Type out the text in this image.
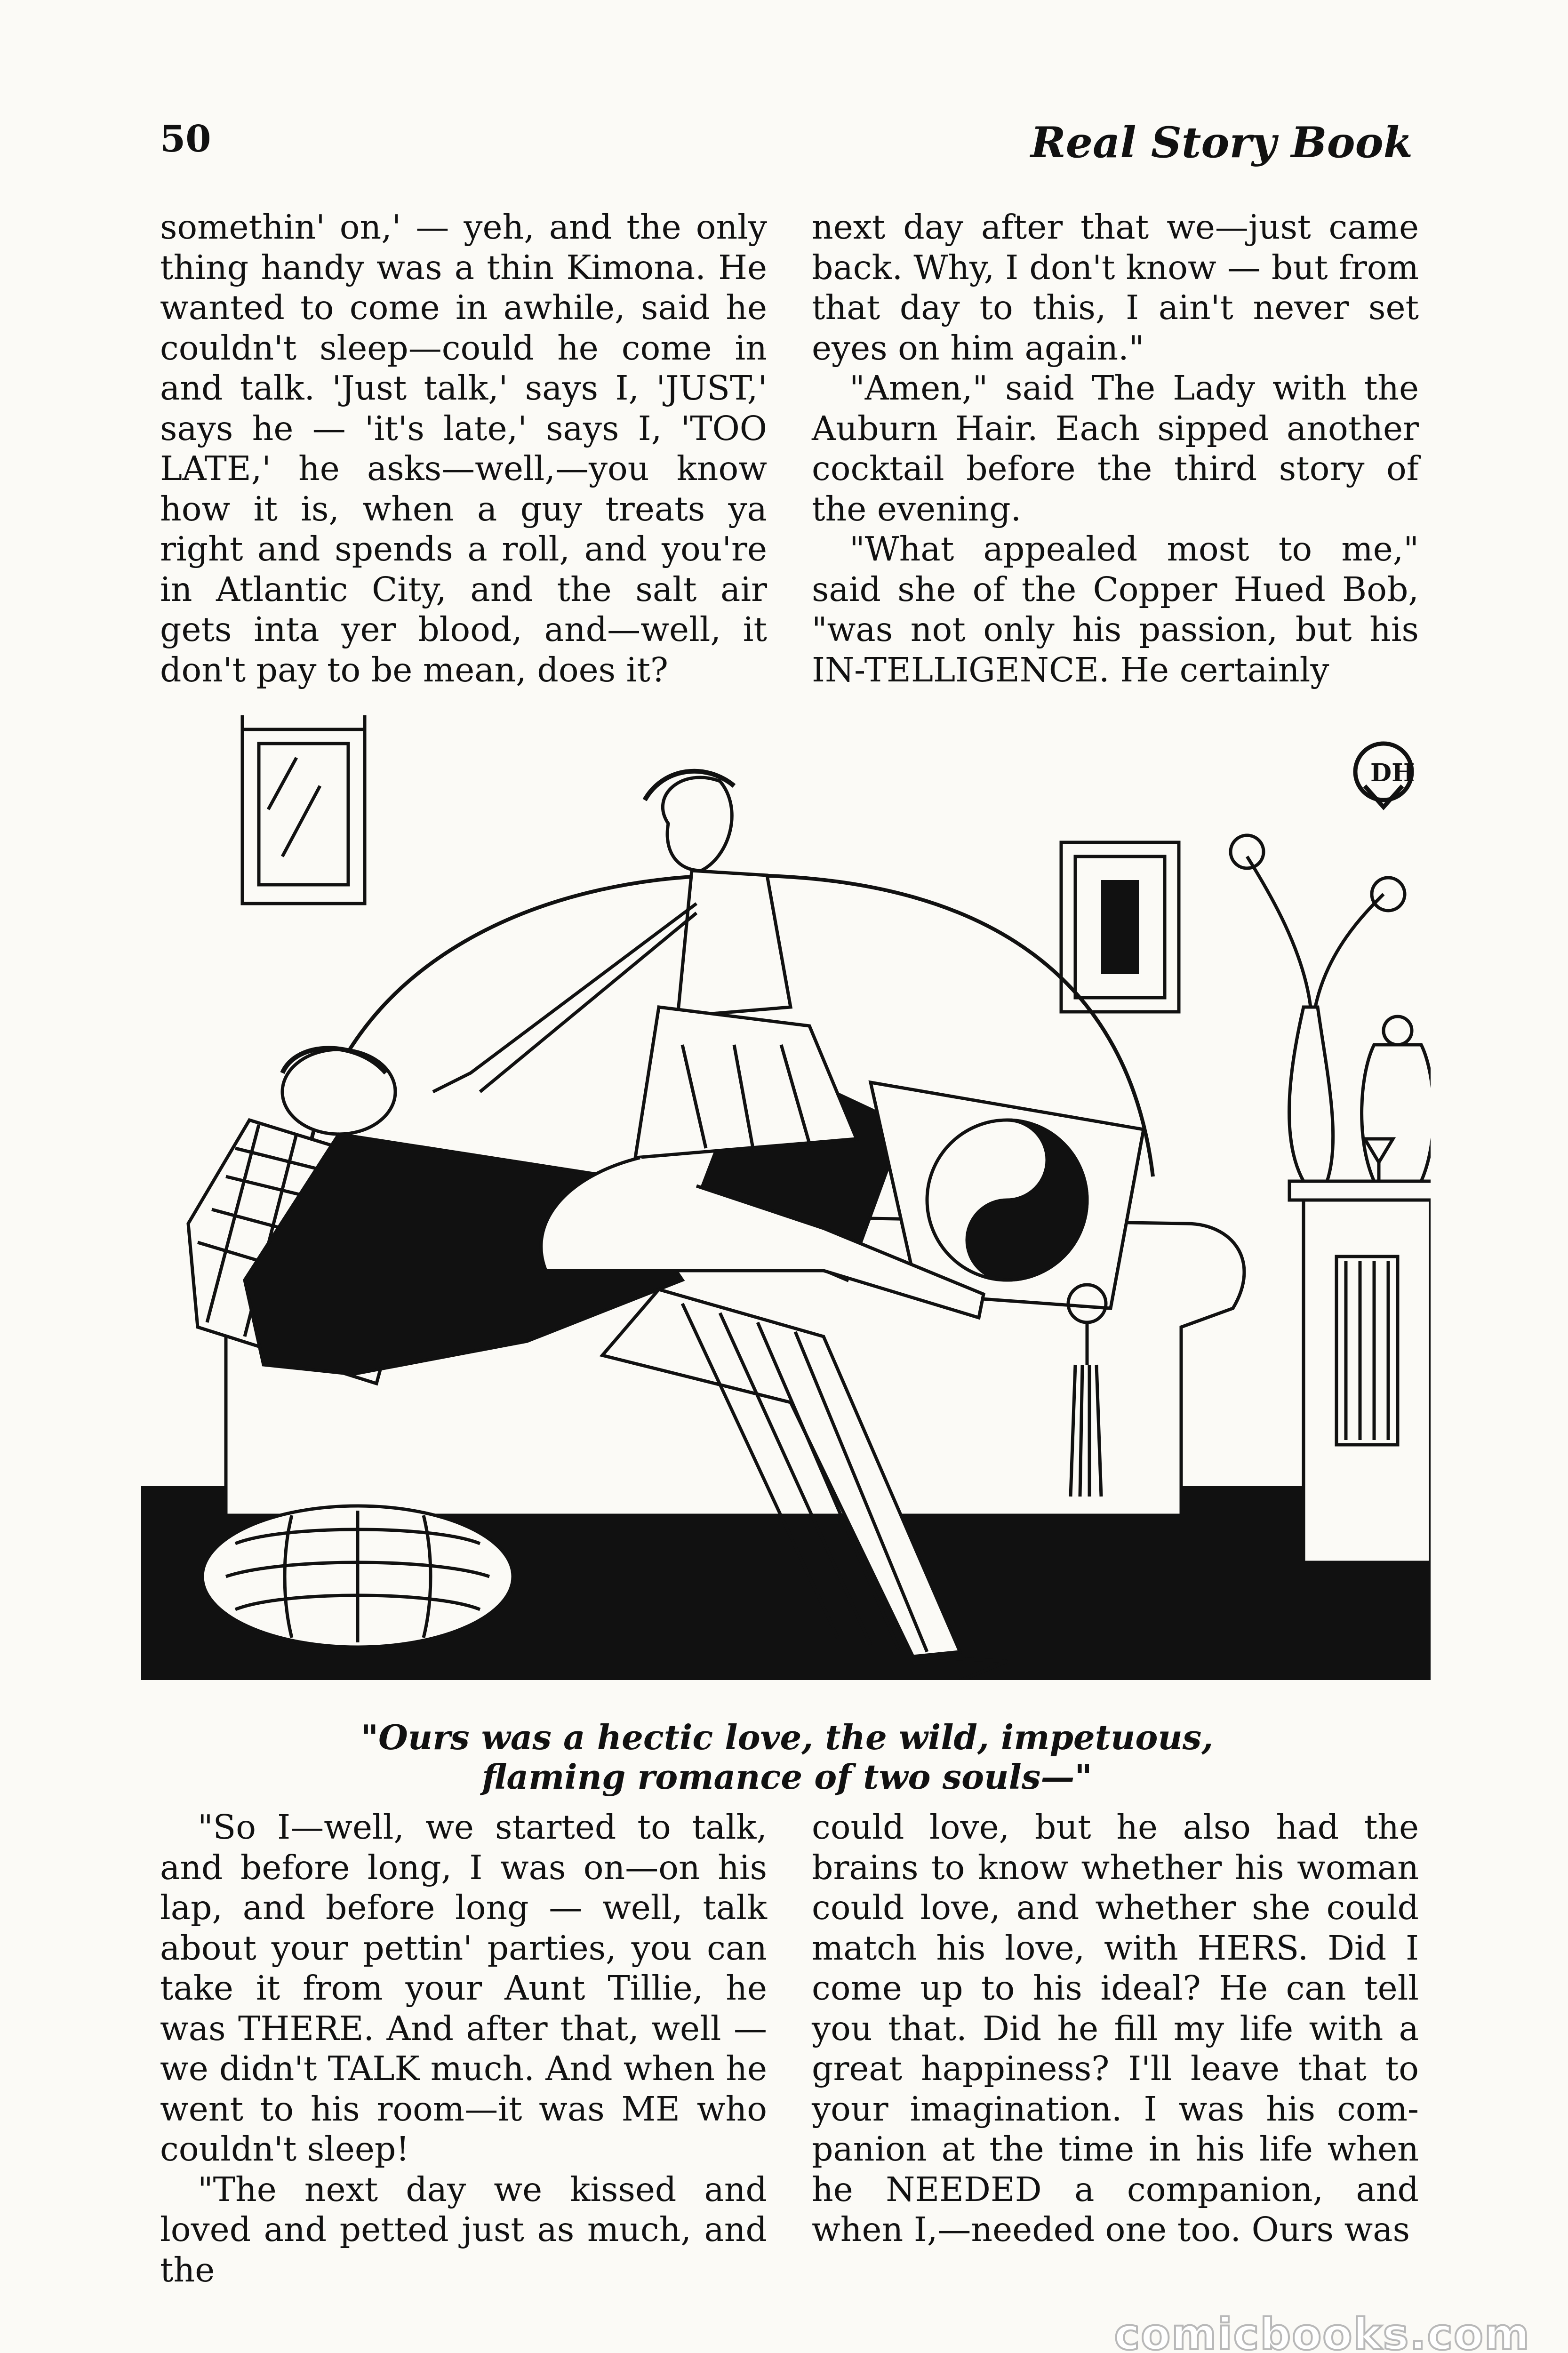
50	Real Story Book

somethin' on,' — yeh, and the only thing handy was a thin Kimona. He wanted to come in awhile, said he couldn't sleep—could he come in and talk. 'Just talk,' says I, 'JUST,' says he — 'it's late,' says I, 'TOO LATE,' he asks—well,—you know how it is, when a guy treats ya right and spends a roll, and you're in Atlantic City, and the salt air gets inta yer blood, and—well, it don't pay to be mean, does it?

next day after that we—just came back. Why, I don't know — but from that day to this, I ain't never set eyes on him again."

"Amen," said The Lady with the Auburn Hair. Each sipped another cocktail before the third story of the evening.

"What appealed most to me," said she of the Copper Hued Bob, "was not only his passion, but his IN-TELLIGENCE. He certainly

DH
"Ours was a hectic love, the wild, impetuous,
flaming romance of two souls—"

"So I—well, we started to talk, and before long, I was on—on his lap, and before long — well, talk about your pettin' parties, you can take it from your Aunt Tillie, he was THERE. And after that, well — we didn't TALK much. And when he went to his room—it was ME who couldn't sleep!

"The next day we kissed and loved and petted just as much, and the

could love, but he also had the brains to know whether his woman could love, and whether she could match his love, with HERS. Did I come up to his ideal? He can tell you that. Did he fill my life with a great happiness? I'll leave that to your imagination. I was his com-panion at the time in his life when he NEEDED a companion, and when I,—needed one too. Ours was

comicbooks.com
